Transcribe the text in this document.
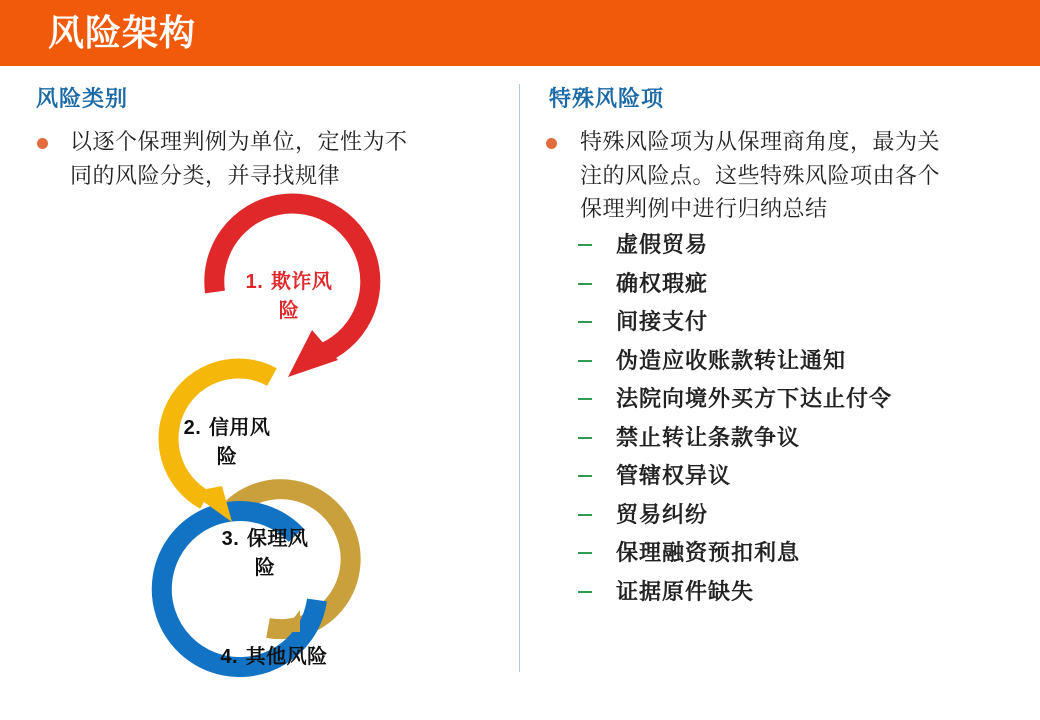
风险架构
风险类别

以逐个保理判例为单位，定性为不

同的风险分类，并寻找规律

1. 欺诈风
险
2. 信用风
险
3. 保理风
险
4. 其他风险
特殊风险项

特殊风险项为从保理商角度，最为关

注的风险点。这些特殊风险项由各个

保理判例中进行归纳总结

虚假贸易
确权瑕疵
间接支付
伪造应收账款转让通知
法院向境外买方下达止付令
禁止转让条款争议
管辖权异议
贸易纠纷
保理融资预扣利息
证据原件缺失
